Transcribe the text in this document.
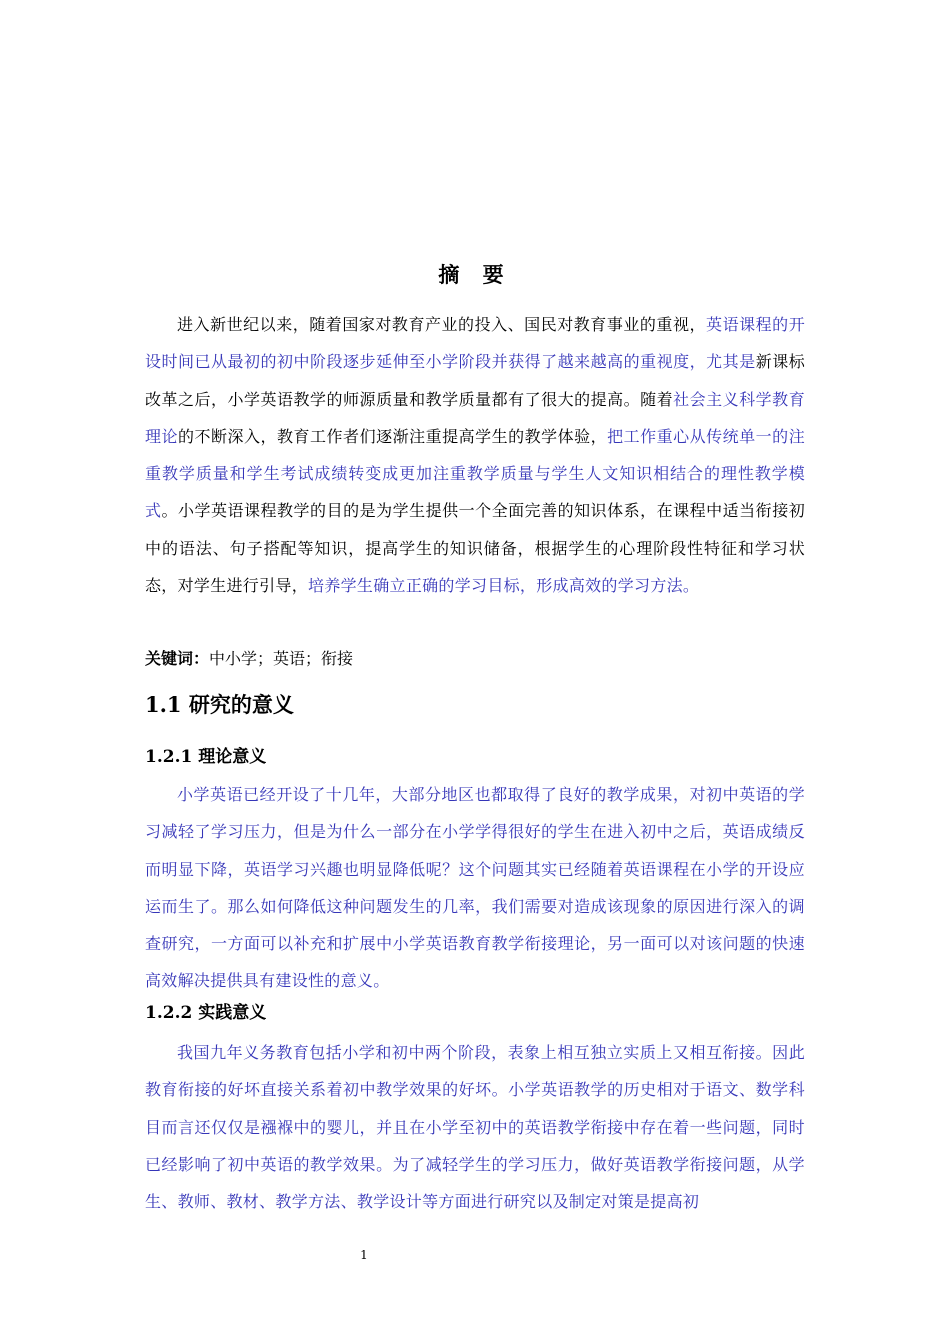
摘 要
进入新世纪以来，随着国家对教育产业的投入、国民对教育事业的重视，英语课程的开设时间已从最初的初中阶段逐步延伸至小学阶段并获得了越来越高的重视度，尤其是新课标改革之后，小学英语教学的师源质量和教学质量都有了很大的提高。随着社会主义科学教育理论的不断深入，教育工作者们逐渐注重提高学生的教学体验，把工作重心从传统单一的注重教学质量和学生考试成绩转变成更加注重教学质量与学生人文知识相结合的理性教学模式。小学英语课程教学的目的是为学生提供一个全面完善的知识体系，在课程中适当衔接初中的语法、句子搭配等知识，提高学生的知识储备，根据学生的心理阶段性特征和学习状态，对学生进行引导，培养学生确立正确的学习目标，形成高效的学习方法。
关键词：中小学；英语；衔接
1.1 研究的意义
1.2.1 理论意义
小学英语已经开设了十几年，大部分地区也都取得了良好的教学成果，对初中英语的学习减轻了学习压力，但是为什么一部分在小学学得很好的学生在进入初中之后，英语成绩反而明显下降，英语学习兴趣也明显降低呢？这个问题其实已经随着英语课程在小学的开设应运而生了。那么如何降低这种问题发生的几率，我们需要对造成该现象的原因进行深入的调查研究，一方面可以补充和扩展中小学英语教育教学衔接理论，另一面可以对该问题的快速高效解决提供具有建设性的意义。
1.2.2 实践意义
我国九年义务教育包括小学和初中两个阶段，表象上相互独立实质上又相互衔接。因此教育衔接的好坏直接关系着初中教学效果的好坏。小学英语教学的历史相对于语文、数学科目而言还仅仅是襁褓中的婴儿，并且在小学至初中的英语教学衔接中存在着一些问题，同时已经影响了初中英语的教学效果。为了减轻学生的学习压力，做好英语教学衔接问题，从学生、教师、教材、教学方法、教学设计等方面进行研究以及制定对策是提高初
1
